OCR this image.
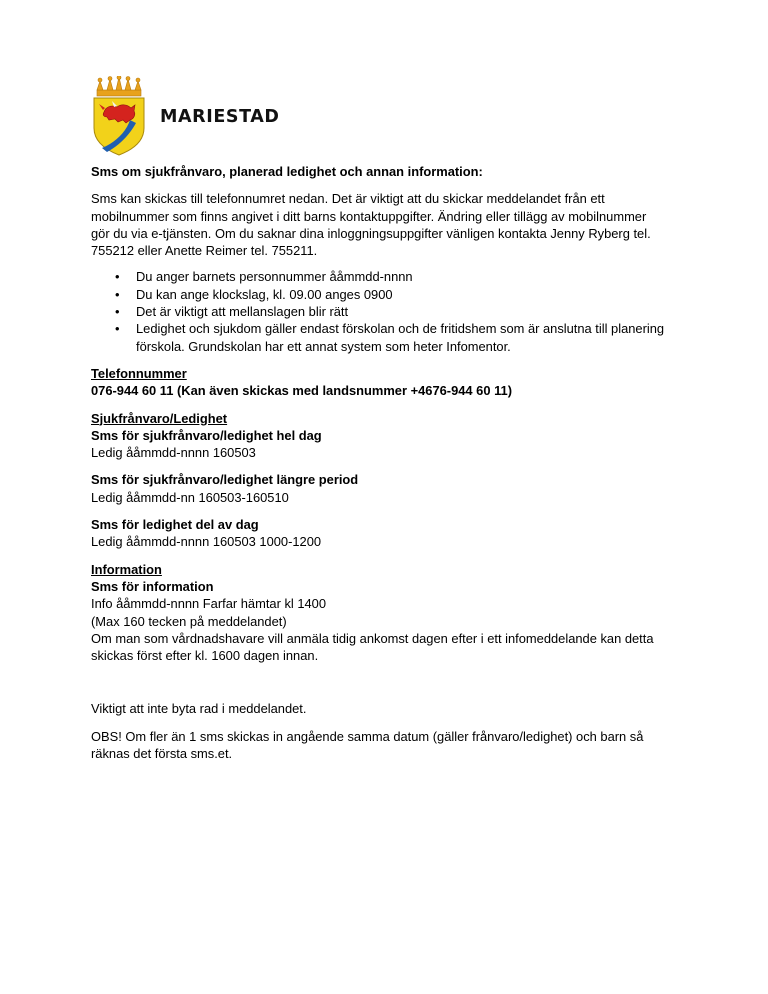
MARIESTAD

Sms om sjukfrånvaro, planerad ledighet och annan information:

Sms kan skickas till telefonnumret nedan. Det är viktigt att du skickar meddelandet från ett

mobilnummer som finns angivet i ditt barns kontaktuppgifter. Ändring eller tillägg av mobilnummer

gör du via e-tjänsten. Om du saknar dina inloggningsuppgifter vänligen kontakta Jenny Ryberg tel.

755212 eller Anette Reimer tel. 755211.

• Du anger barnets personnummer ååmmdd-nnnn
• Du kan ange klockslag, kl. 09.00 anges 0900
• Det är viktigt att mellanslagen blir rätt
• Ledighet och sjukdom gäller endast förskolan och de fritidshem som är anslutna till planering
förskola. Grundskolan har ett annat system som heter Infomentor.

Telefonnummer

076-944 60 11 (Kan även skickas med landsnummer +4676-944 60 11)

Sjukfrånvaro/Ledighet

Sms för sjukfrånvaro/ledighet hel dag

Ledig ååmmdd-nnnn 160503

Sms för sjukfrånvaro/ledighet längre period

Ledig ååmmdd-nn 160503-160510

Sms för ledighet del av dag

Ledig ååmmdd-nnnn 160503 1000-1200

Information

Sms för information

Info ååmmdd-nnnn Farfar hämtar kl 1400

(Max 160 tecken på meddelandet)

Om man som vårdnadshavare vill anmäla tidig ankomst dagen efter i ett infomeddelande kan detta

skickas först efter kl. 1600 dagen innan.

Viktigt att inte byta rad i meddelandet.

OBS! Om fler än 1 sms skickas in angående samma datum (gäller frånvaro/ledighet) och barn så

räknas det första sms.et.
